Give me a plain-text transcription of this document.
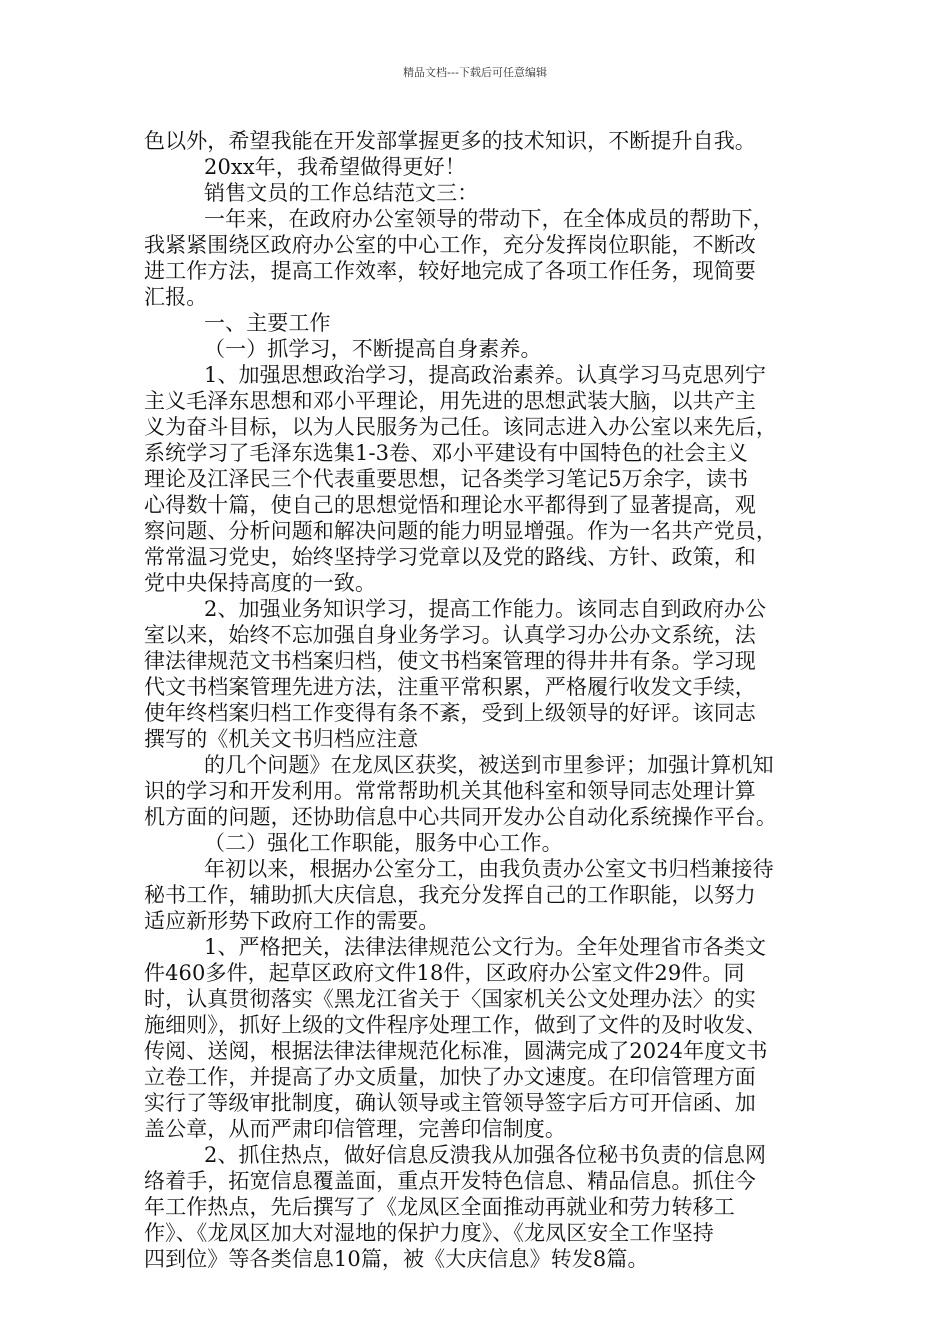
精品文档---下载后可任意编辑
色以外，希望我能在开发部掌握更多的技术知识，不断提升自我。
20xx年，我希望做得更好！
销售文员的工作总结范文三：
一年来，在政府办公室领导的带动下，在全体成员的帮助下，
我紧紧围绕区政府办公室的中心工作，充分发挥岗位职能，不断改
进工作方法，提高工作效率，较好地完成了各项工作任务，现简要
汇报。
一、主要工作
（一）抓学习，不断提高自身素养。
1、加强思想政治学习，提高政治素养。认真学习马克思列宁
主义毛泽东思想和邓小平理论，用先进的思想武装大脑，以共产主
义为奋斗目标，以为人民服务为己任。该同志进入办公室以来先后，
系统学习了毛泽东选集1-3卷、邓小平建设有中国特色的社会主义
理论及江泽民三个代表重要思想，记各类学习笔记5万余字，读书
心得数十篇，使自己的思想觉悟和理论水平都得到了显著提高，观
察问题、分析问题和解决问题的能力明显增强。作为一名共产党员，
常常温习党史，始终坚持学习党章以及党的路线、方针、政策，和
党中央保持高度的一致。
2、加强业务知识学习，提高工作能力。该同志自到政府办公
室以来，始终不忘加强自身业务学习。认真学习办公办文系统，法
律法律规范文书档案归档，使文书档案管理的得井井有条。学习现
代文书档案管理先进方法，注重平常积累，严格履行收发文手续，
使年终档案归档工作变得有条不紊，受到上级领导的好评。该同志
撰写的《机关文书归档应注意
的几个问题》在龙凤区获奖，被送到市里参评；加强计算机知
识的学习和开发利用。常常帮助机关其他科室和领导同志处理计算
机方面的问题，还协助信息中心共同开发办公自动化系统操作平台。
（二）强化工作职能，服务中心工作。
年初以来，根据办公室分工，由我负责办公室文书归档兼接待
秘书工作，辅助抓大庆信息，我充分发挥自己的工作职能，以努力
适应新形势下政府工作的需要。
1、严格把关，法律法律规范公文行为。全年处理省市各类文
件460多件，起草区政府文件18件，区政府办公室文件29件。同
时，认真贯彻落实《黑龙江省关于〈国家机关公文处理办法〉的实
施细则》，抓好上级的文件程序处理工作，做到了文件的及时收发、
传阅、送阅，根据法律法律规范化标准，圆满完成了2024年度文书
立卷工作，并提高了办文质量，加快了办文速度。在印信管理方面
实行了等级审批制度，确认领导或主管领导签字后方可开信函、加
盖公章，从而严肃印信管理，完善印信制度。
2、抓住热点，做好信息反溃我从加强各位秘书负责的信息网
络着手，拓宽信息覆盖面，重点开发特色信息、精品信息。抓住今
年工作热点，先后撰写了《龙凤区全面推动再就业和劳力转移工
作》、《龙凤区加大对湿地的保护力度》、《龙凤区安全工作坚持
四到位》等各类信息10篇，被《大庆信息》转发8篇。
